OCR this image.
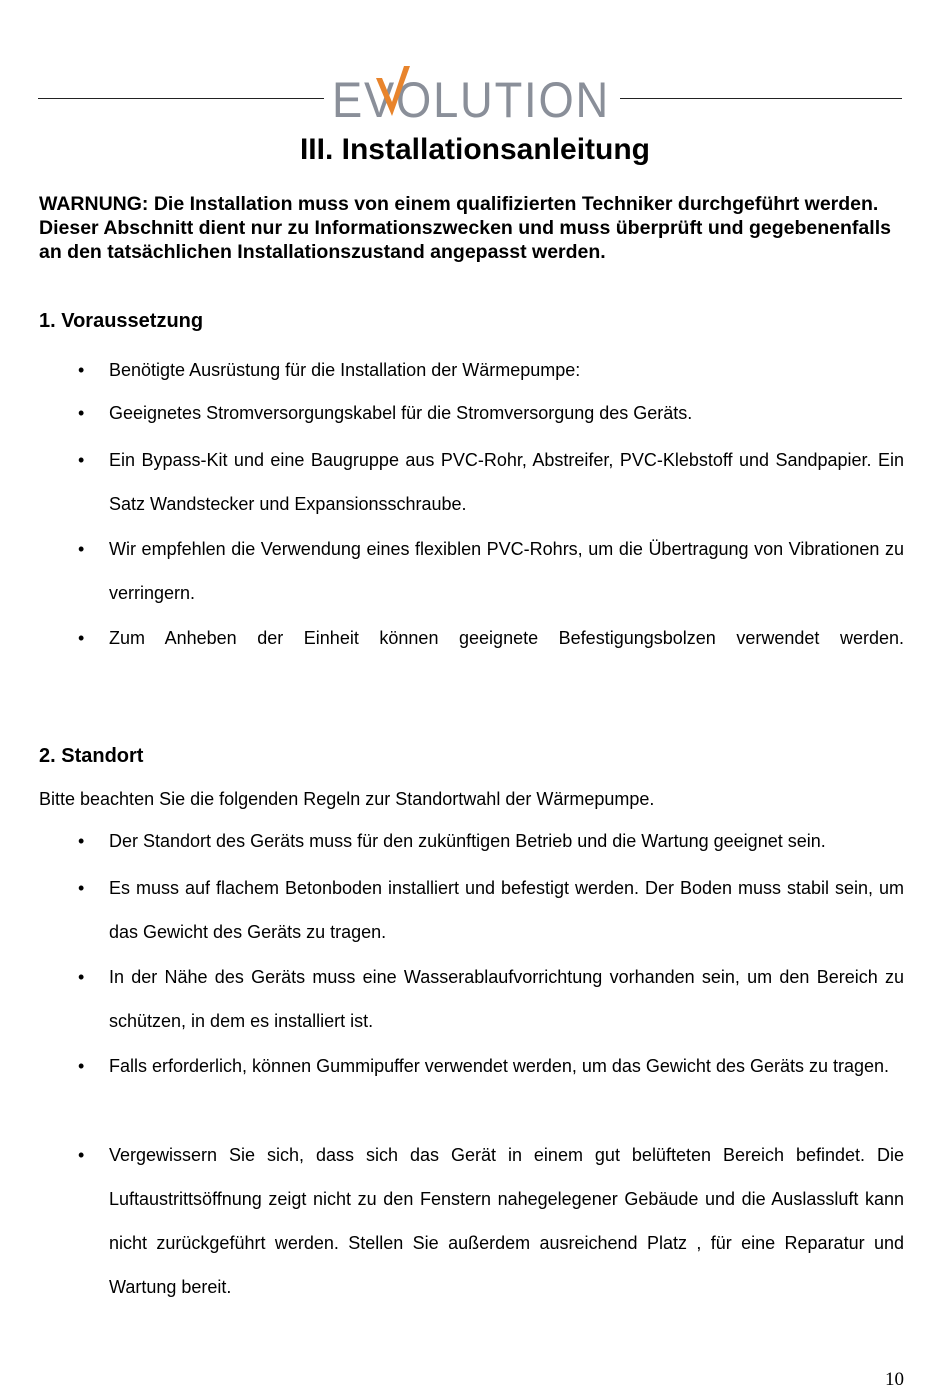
EVOLUTION
III. Installationsanleitung
WARNUNG: Die Installation muss von einem qualifizierten Techniker durchgeführt werden. Dieser Abschnitt dient nur zu Informationszwecken und muss überprüft und gegebenenfalls an den tatsächlichen Installationszustand angepasst werden.
1. Voraussetzung
• Benötigte Ausrüstung für die Installation der Wärmepumpe:
• Geeignetes Stromversorgungskabel für die Stromversorgung des Geräts.
• Ein Bypass-Kit und eine Baugruppe aus PVC-Rohr, Abstreifer, PVC-Klebstoff und Sandpapier. Ein Satz Wandstecker und Expansionsschraube.
• Wir empfehlen die Verwendung eines flexiblen PVC-Rohrs, um die Übertragung von Vibrationen zu verringern.
• Zum Anheben der Einheit können geeignete Befestigungsbolzen verwendet werden.
2. Standort
Bitte beachten Sie die folgenden Regeln zur Standortwahl der Wärmepumpe.
• Der Standort des Geräts muss für den zukünftigen Betrieb und die Wartung geeignet sein.
• Es muss auf flachem Betonboden installiert und befestigt werden. Der Boden muss stabil sein, um das Gewicht des Geräts zu tragen.
• In der Nähe des Geräts muss eine Wasserablaufvorrichtung vorhanden sein, um den Bereich zu schützen, in dem es installiert ist.
• Falls erforderlich, können Gummipuffer verwendet werden, um das Gewicht des Geräts zu tragen.
• Vergewissern Sie sich, dass sich das Gerät in einem gut belüfteten Bereich befindet. Die Luftaustrittsöffnung zeigt nicht zu den Fenstern nahegelegener Gebäude und die Auslassluft kann nicht zurückgeführt werden. Stellen Sie außerdem ausreichend Platz , für eine Reparatur und Wartung bereit.
10
